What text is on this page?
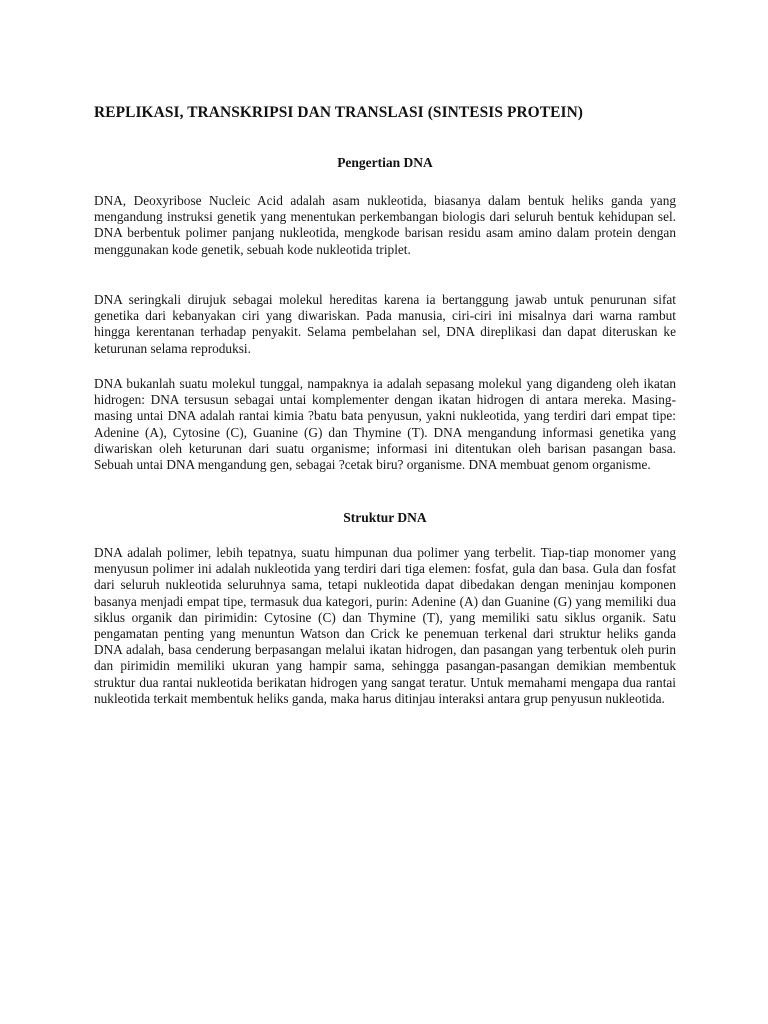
REPLIKASI, TRANSKRIPSI DAN TRANSLASI (SINTESIS PROTEIN)
Pengertian DNA

DNA, Deoxyribose Nucleic Acid adalah asam nukleotida, biasanya dalam bentuk heliks ganda yang mengandung instruksi genetik yang menentukan perkembangan biologis dari seluruh bentuk kehidupan sel. DNA berbentuk polimer panjang nukleotida, mengkode barisan residu asam amino dalam protein dengan menggunakan kode genetik, sebuah kode nukleotida triplet.

DNA seringkali dirujuk sebagai molekul hereditas karena ia bertanggung jawab untuk penurunan sifat genetika dari kebanyakan ciri yang diwariskan. Pada manusia, ciri-ciri ini misalnya dari warna rambut hingga kerentanan terhadap penyakit. Selama pembelahan sel, DNA direplikasi dan dapat diteruskan ke keturunan selama reproduksi.

DNA bukanlah suatu molekul tunggal, nampaknya ia adalah sepasang molekul yang digandeng oleh ikatan hidrogen: DNA tersusun sebagai untai komplementer dengan ikatan hidrogen di antara mereka. Masing-masing untai DNA adalah rantai kimia ?batu bata penyusun, yakni nukleotida, yang terdiri dari empat tipe: Adenine (A), Cytosine (C), Guanine (G) dan Thymine (T). DNA mengandung informasi genetika yang diwariskan oleh keturunan dari suatu organisme; informasi ini ditentukan oleh barisan pasangan basa. Sebuah untai DNA mengandung gen, sebagai ?cetak biru? organisme. DNA membuat genom organisme.

Struktur DNA

DNA adalah polimer, lebih tepatnya, suatu himpunan dua polimer yang terbelit. Tiap-tiap monomer yang menyusun polimer ini adalah nukleotida yang terdiri dari tiga elemen: fosfat, gula dan basa. Gula dan fosfat dari seluruh nukleotida seluruhnya sama, tetapi nukleotida dapat dibedakan dengan meninjau komponen basanya menjadi empat tipe, termasuk dua kategori, purin: Adenine (A) dan Guanine (G) yang memiliki dua siklus organik dan pirimidin: Cytosine (C) dan Thymine (T), yang memiliki satu siklus organik. Satu pengamatan penting yang menuntun Watson dan Crick ke penemuan terkenal dari struktur heliks ganda DNA adalah, basa cenderung berpasangan melalui ikatan hidrogen, dan pasangan yang terbentuk oleh purin dan pirimidin memiliki ukuran yang hampir sama, sehingga pasangan-pasangan demikian membentuk struktur dua rantai nukleotida berikatan hidrogen yang sangat teratur. Untuk memahami mengapa dua rantai nukleotida terkait membentuk heliks ganda, maka harus ditinjau interaksi antara grup penyusun nukleotida.
